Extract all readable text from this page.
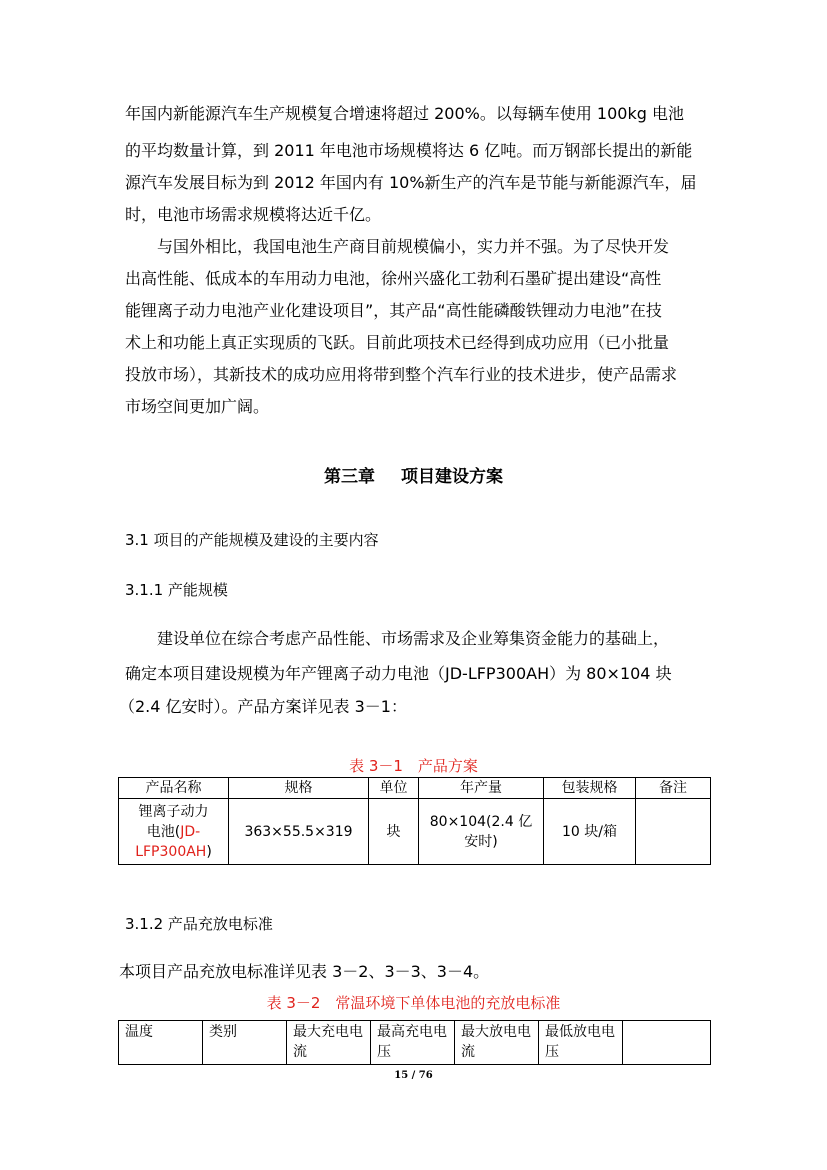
年国内新能源汽车生产规模复合增速将超过 200%。以每辆车使用 100kg 电池
的平均数量计算，到 2011 年电池市场规模将达 6 亿吨。而万钢部长提出的新能
源汽车发展目标为到 2012 年国内有 10%新生产的汽车是节能与新能源汽车，届
时，电池市场需求规模将达近千亿。
与国外相比，我国电池生产商目前规模偏小，实力并不强。为了尽快开发
出高性能、低成本的车用动力电池，徐州兴盛化工勃利石墨矿提出建设“高性
能锂离子动力电池产业化建设项目”，其产品“高性能磷酸铁锂动力电池”在技
术上和功能上真正实现质的飞跃。目前此项技术已经得到成功应用（已小批量
投放市场），其新技术的成功应用将带到整个汽车行业的技术进步，使产品需求
市场空间更加广阔。
第三章 项目建设方案
3.1 项目的产能规模及建设的主要内容
3.1.1 产能规模
建设单位在综合考虑产品性能、市场需求及企业筹集资金能力的基础上，
确定本项目建设规模为年产锂离子动力电池（JD-LFP300AH）为 80×104 块
（2.4 亿安时）。产品方案详见表 3－1：
表 3－1　产品方案
产品名称	规格	单位	年产量	包装规格	备注
锂离子动力
电池(JD-LFP300AH)	363×55.5×319	块	80×104(2.4 亿安时)	10 块/箱	
3.1.2 产品充放电标准
本项目产品充放电标准详见表 3－2、3－3、3－4。
表 3－2　常温环境下单体电池的充放电标准
温度	类别	最大充电电流	最高充电电压	最大放电电流	最低放电电压	
15 / 76
